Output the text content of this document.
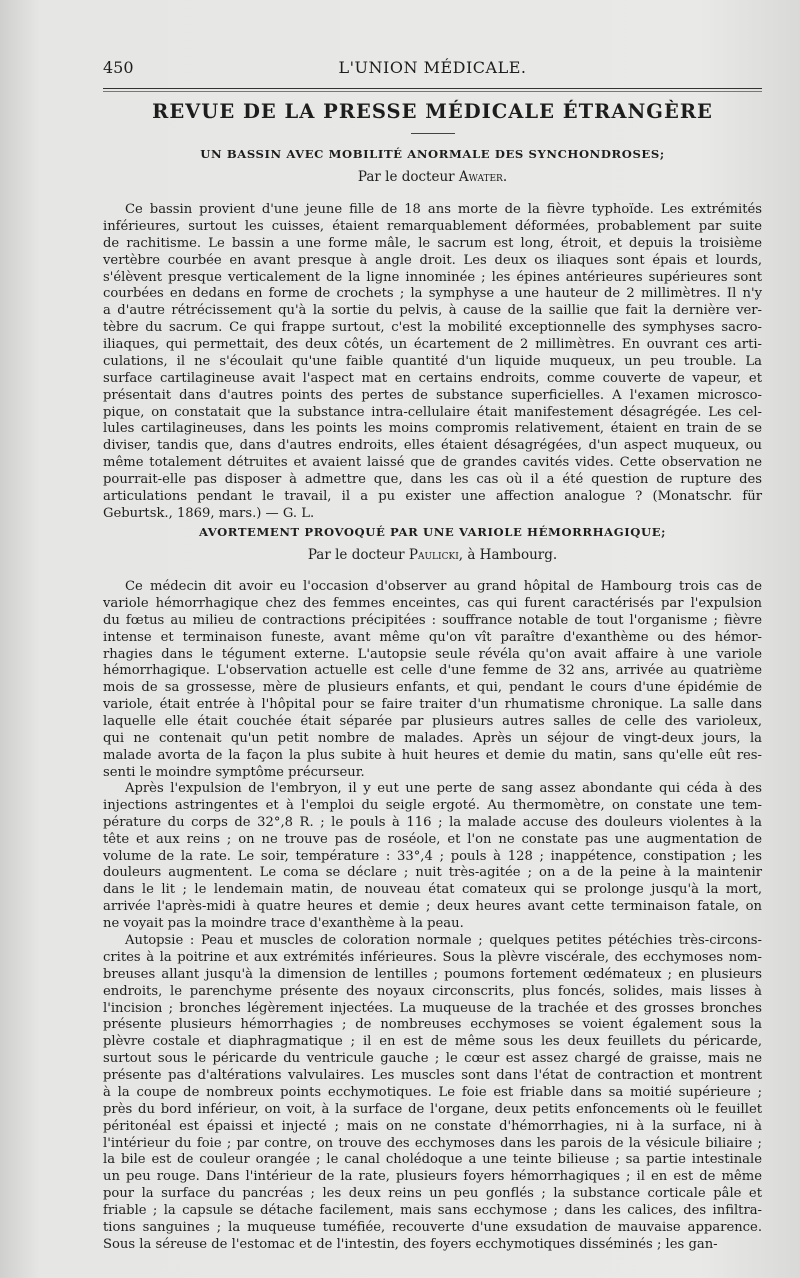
450	L'UNION MÉDICALE.
REVUE DE LA PRESSE MÉDICALE ÉTRANGÈRE
UN BASSIN AVEC MOBILITÉ ANORMALE DES SYNCHONDROSES;
Par le docteur Awater.

Ce bassin provient d'une jeune fille de 18 ans morte de la fièvre typhoïde. Les extrémités

inférieures, surtout les cuisses, étaient remarquablement déformées, probablement par suite

de rachitisme. Le bassin a une forme mâle, le sacrum est long, étroit, et depuis la troisième

vertèbre courbée en avant presque à angle droit. Les deux os iliaques sont épais et lourds,

s'élèvent presque verticalement de la ligne innominée ; les épines antérieures supérieures sont

courbées en dedans en forme de crochets ; la symphyse a une hauteur de 2 millimètres. Il n'y

a d'autre rétrécissement qu'à la sortie du pelvis, à cause de la saillie que fait la dernière ver-

tèbre du sacrum. Ce qui frappe surtout, c'est la mobilité exceptionnelle des symphyses sacro-

iliaques, qui permettait, des deux côtés, un écartement de 2 millimètres. En ouvrant ces arti-

culations, il ne s'écoulait qu'une faible quantité d'un liquide muqueux, un peu trouble. La

surface cartilagineuse avait l'aspect mat en certains endroits, comme couverte de vapeur, et

présentait dans d'autres points des pertes de substance superficielles. A l'examen microsco-

pique, on constatait que la substance intra-cellulaire était manifestement désagrégée. Les cel-

lules cartilagineuses, dans les points les moins compromis relativement, étaient en train de se

diviser, tandis que, dans d'autres endroits, elles étaient désagrégées, d'un aspect muqueux, ou

même totalement détruites et avaient laissé que de grandes cavités vides. Cette observation ne

pourrait-elle pas disposer à admettre que, dans les cas où il a été question de rupture des

articulations pendant le travail, il a pu exister une affection analogue ? (Monatschr. für

Geburtsk., 1869, mars.) — G. L.

AVORTEMENT PROVOQUÉ PAR UNE VARIOLE HÉMORRHAGIQUE;
Par le docteur Paulicki, à Hambourg.

Ce médecin dit avoir eu l'occasion d'observer au grand hôpital de Hambourg trois cas de

variole hémorrhagique chez des femmes enceintes, cas qui furent caractérisés par l'expulsion

du fœtus au milieu de contractions précipitées : souffrance notable de tout l'organisme ; fièvre

intense et terminaison funeste, avant même qu'on vît paraître d'exanthème ou des hémor-

rhagies dans le tégument externe. L'autopsie seule révéla qu'on avait affaire à une variole

hémorrhagique. L'observation actuelle est celle d'une femme de 32 ans, arrivée au quatrième

mois de sa grossesse, mère de plusieurs enfants, et qui, pendant le cours d'une épidémie de

variole, était entrée à l'hôpital pour se faire traiter d'un rhumatisme chronique. La salle dans

laquelle elle était couchée était séparée par plusieurs autres salles de celle des varioleux,

qui ne contenait qu'un petit nombre de malades. Après un séjour de vingt-deux jours, la

malade avorta de la façon la plus subite à huit heures et demie du matin, sans qu'elle eût res-

senti le moindre symptôme précurseur.

Après l'expulsion de l'embryon, il y eut une perte de sang assez abondante qui céda à des

injections astringentes et à l'emploi du seigle ergoté. Au thermomètre, on constate une tem-

pérature du corps de 32°,8 R. ; le pouls à 116 ; la malade accuse des douleurs violentes à la

tête et aux reins ; on ne trouve pas de roséole, et l'on ne constate pas une augmentation de

volume de la rate. Le soir, température : 33°,4 ; pouls à 128 ; inappétence, constipation ; les

douleurs augmentent. Le coma se déclare ; nuit très-agitée ; on a de la peine à la maintenir

dans le lit ; le lendemain matin, de nouveau état comateux qui se prolonge jusqu'à la mort,

arrivée l'après-midi à quatre heures et demie ; deux heures avant cette terminaison fatale, on

ne voyait pas la moindre trace d'exanthème à la peau.

Autopsie : Peau et muscles de coloration normale ; quelques petites pétéchies très-circons-

crites à la poitrine et aux extrémités inférieures. Sous la plèvre viscérale, des ecchymoses nom-

breuses allant jusqu'à la dimension de lentilles ; poumons fortement œdémateux ; en plusieurs

endroits, le parenchyme présente des noyaux circonscrits, plus foncés, solides, mais lisses à

l'incision ; bronches légèrement injectées. La muqueuse de la trachée et des grosses bronches

présente plusieurs hémorrhagies ; de nombreuses ecchymoses se voient également sous la

plèvre costale et diaphragmatique ; il en est de même sous les deux feuillets du péricarde,

surtout sous le péricarde du ventricule gauche ; le cœur est assez chargé de graisse, mais ne

présente pas d'altérations valvulaires. Les muscles sont dans l'état de contraction et montrent

à la coupe de nombreux points ecchymotiques. Le foie est friable dans sa moitié supérieure ;

près du bord inférieur, on voit, à la surface de l'organe, deux petits enfoncements où le feuillet

péritonéal est épaissi et injecté ; mais on ne constate d'hémorrhagies, ni à la surface, ni à

l'intérieur du foie ; par contre, on trouve des ecchymoses dans les parois de la vésicule biliaire ;

la bile est de couleur orangée ; le canal cholédoque a une teinte bilieuse ; sa partie intestinale

un peu rouge. Dans l'intérieur de la rate, plusieurs foyers hémorrhagiques ; il en est de même

pour la surface du pancréas ; les deux reins un peu gonflés ; la substance corticale pâle et

friable ; la capsule se détache facilement, mais sans ecchymose ; dans les calices, des infiltra-

tions sanguines ; la muqueuse tuméfiée, recouverte d'une exsudation de mauvaise apparence.

Sous la séreuse de l'estomac et de l'intestin, des foyers ecchymotiques disséminés ; les gan-
